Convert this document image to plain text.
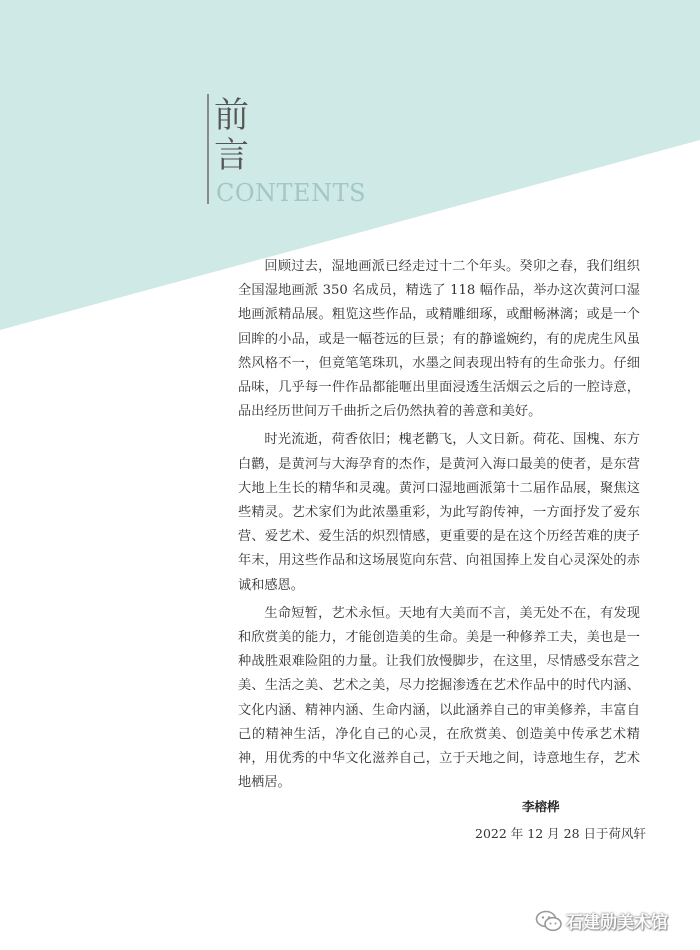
前
言
CONTENTS

回顾过去，湿地画派已经走过十二个年头。癸卯之春，我们组织全国湿地画派 350 名成员，精选了 118 幅作品，举办这次黄河口湿地画派精品展。粗览这些作品，或精雕细琢，或酣畅淋漓；或是一个回眸的小品，或是一幅苍远的巨景；有的静谧婉约，有的虎虎生风虽然风格不一，但竟笔笔珠玑，水墨之间表现出特有的生命张力。仔细品味，几乎每一件作品都能咂出里面浸透生活烟云之后的一腔诗意，品出经历世间万千曲折之后仍然执着的善意和美好。

时光流逝，荷香依旧；槐老鹳飞，人文日新。荷花、国槐、东方白鹳，是黄河与大海孕育的杰作，是黄河入海口最美的使者，是东营大地上生长的精华和灵魂。黄河口湿地画派第十二届作品展，聚焦这些精灵。艺术家们为此浓墨重彩，为此写韵传神，一方面抒发了爱东营、爱艺术、爱生活的炽烈情感，更重要的是在这个历经苦难的庚子年末，用这些作品和这场展览向东营、向祖国捧上发自心灵深处的赤诚和感恩。

生命短暂，艺术永恒。天地有大美而不言，美无处不在，有发现和欣赏美的能力，才能创造美的生命。美是一种修养工夫，美也是一种战胜艰难险阻的力量。让我们放慢脚步，在这里，尽情感受东营之美、生活之美、艺术之美，尽力挖掘渗透在艺术作品中的时代内涵、文化内涵、精神内涵、生命内涵，以此涵养自己的审美修养，丰富自己的精神生活，净化自己的心灵，在欣赏美、创造美中传承艺术精神，用优秀的中华文化滋养自己，立于天地之间，诗意地生存，艺术地栖居。

李榕桦
2022 年 12 月 28 日于荷风轩
石建勋美术馆
